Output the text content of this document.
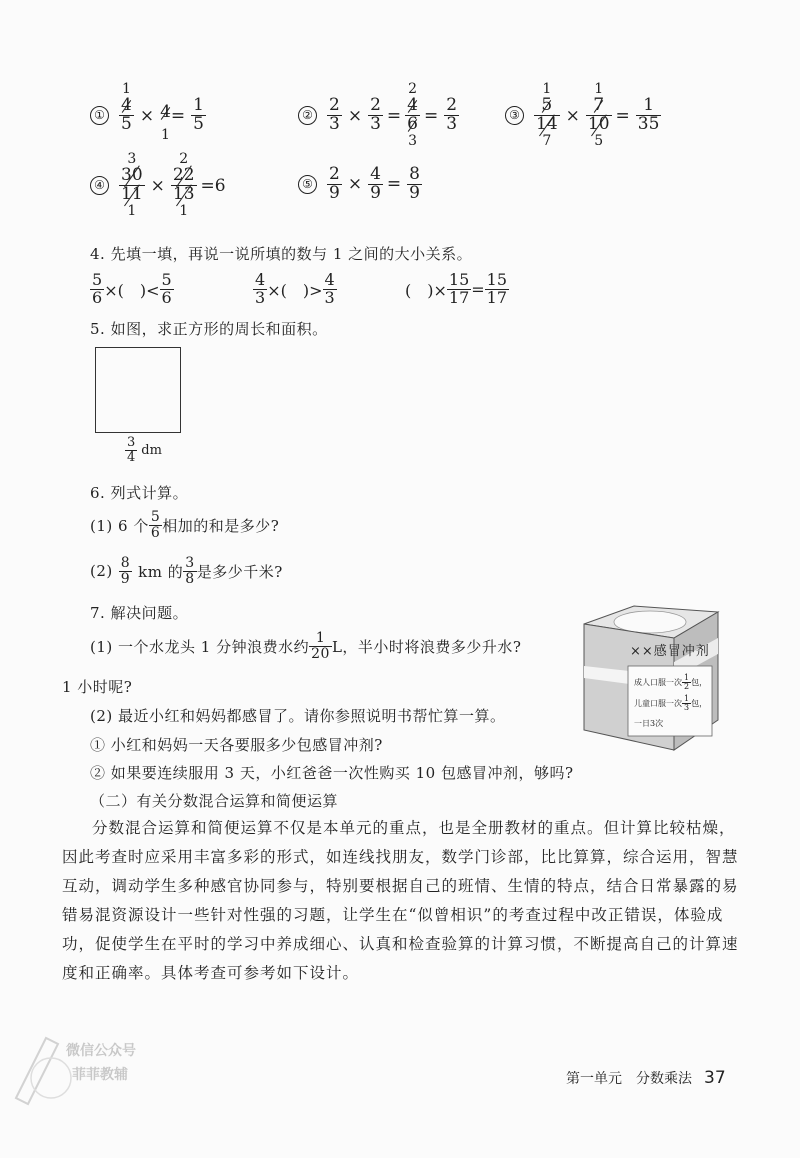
①
1
$\frac{4}{5} \times 4$
1
= $\frac{1}{5}$	② $\frac{2}{3} \times \frac{2}{3}$ =
2
$\frac{4}{6}$
3
= $\frac{2}{3}$	③
1
$\frac{5}{14}$
7
×
1
$\frac{7}{10}$
5
= $\frac{1}{35}$
④
3
$\frac{30}{11}$
1
×
2
$\frac{22}{13}$
1
=6	⑤ $\frac{2}{9} \times \frac{4}{9} = \frac{8}{9}$
4. 先填一填，再说一说所填的数与 1 之间的大小关系。
$\frac{5}{6}$ ×(　)< $\frac{5}{6}$	$\frac{4}{3}$ ×(　)> $\frac{4}{3}$	(　)× $\frac{15}{17} = \frac{15}{17}$
5. 如图，求正方形的周长和面积。
$\frac{3}{4}$ dm
6. 列式计算。
(1) 6 个 $\frac{5}{6}$ 相加的和是多少?
$(2) \frac{8}{9}$ km 的 $\frac{3}{8}$ 是多少千米?
7. 解决问题。
(1) 一个水龙头 1 分钟浪费水约 $\frac{1}{20}$ L，半小时将浪费多少升水?
1 小时呢?
(2) 最近小红和妈妈都感冒了。请你参照说明书帮忙算一算。
① 小红和妈妈一天各要服多少包感冒冲剂?
② 如果要连续服用 3 天，小红爸爸一次性购买 10 包感冒冲剂，够吗?
××感冒冲剂
成人口服一次 $\frac{1}{2}$ 包，
儿童口服一次 $\frac{1}{3}$ 包，
一日3次
（二）有关分数混合运算和简便运算
分数混合运算和简便运算不仅是本单元的重点，也是全册教材的重点。但计算比较枯燥，
因此考查时应采用丰富多彩的形式，如连线找朋友，数学门诊部，比比算算，综合运用，智慧
互动，调动学生多种感官协同参与，特别要根据自己的班情、生情的特点，结合日常暴露的易
错易混资源设计一些针对性强的习题，让学生在“似曾相识”的考查过程中改正错误，体验成
功，促使学生在平时的学习中养成细心、认真和检查验算的计算习惯，不断提高自己的计算速
度和正确率。具体考查可参考如下设计。
微信公众号
菲菲教辅	第一单元 分数乘法 37
